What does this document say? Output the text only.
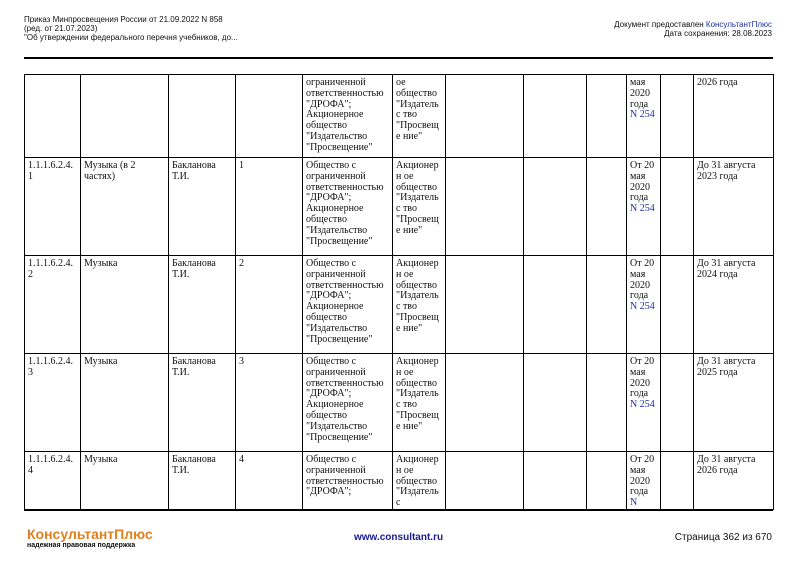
Приказ Минпросвещения России от 21.09.2022 N 858
(ред. от 21.07.2023)
"Об утверждении федерального перечня учебников, до...
Документ предоставлен КонсультантПлюс
Дата сохранения: 28.08.2023
				ограниченной ответственностью "ДРОФА"; Акционерное общество "Издательство "Просвещение"	ое общество "Издательс тво "Просвеще ние"				мая 2020 года N 254		2026 года
1.1.1.6.2.4.1	Музыка (в 2 частях)	Бакланова Т.И.	1	Общество с ограниченной ответственностью "ДРОФА"; Акционерное общество "Издательство "Просвещение"	Акционерн ое общество "Издательс тво "Просвеще ние"				От 20 мая 2020 года N 254		До 31 августа 2023 года
1.1.1.6.2.4.2	Музыка	Бакланова Т.И.	2	Общество с ограниченной ответственностью "ДРОФА"; Акционерное общество "Издательство "Просвещение"	Акционерн ое общество "Издательс тво "Просвеще ние"				От 20 мая 2020 года N 254		До 31 августа 2024 года
1.1.1.6.2.4.3	Музыка	Бакланова Т.И.	3	Общество с ограниченной ответственностью "ДРОФА"; Акционерное общество "Издательство "Просвещение"	Акционерн ое общество "Издательс тво "Просвеще ние"				От 20 мая 2020 года N 254		До 31 августа 2025 года
1.1.1.6.2.4.4	Музыка	Бакланова Т.И.	4	Общество с ограниченной ответственностью "ДРОФА";	Акционерн ое общество "Издательс				От 20 мая 2020 года N		До 31 августа 2026 года
КонсультантПлюс
надежная правовая поддержка
www.consultant.ru	Страница 362 из 670
